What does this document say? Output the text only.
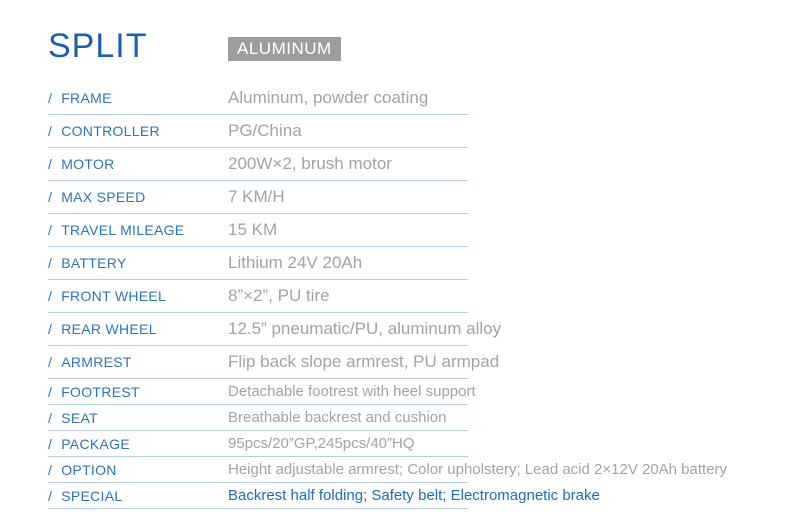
SPLIT	ALUMINUM
/ FRAME	Aluminum, powder coating
/ CONTROLLER	PG/China
/ MOTOR	200W×2, brush motor
/ MAX SPEED	7 KM/H
/ TRAVEL MILEAGE	15 KM
/ BATTERY	Lithium 24V 20Ah
/ FRONT WHEEL	8”×2”, PU tire
/ REAR WHEEL	12.5” pneumatic/PU, aluminum alloy
/ ARMREST	Flip back slope armrest, PU armpad
/ FOOTREST	Detachable footrest with heel support
/ SEAT	Breathable backrest and cushion
/ PACKAGE	95pcs/20”GP,245pcs/40”HQ
/ OPTION	Height adjustable armrest; Color upholstery; Lead acid 2×12V 20Ah battery
/ SPECIAL	Backrest half folding; Safety belt; Electromagnetic brake
